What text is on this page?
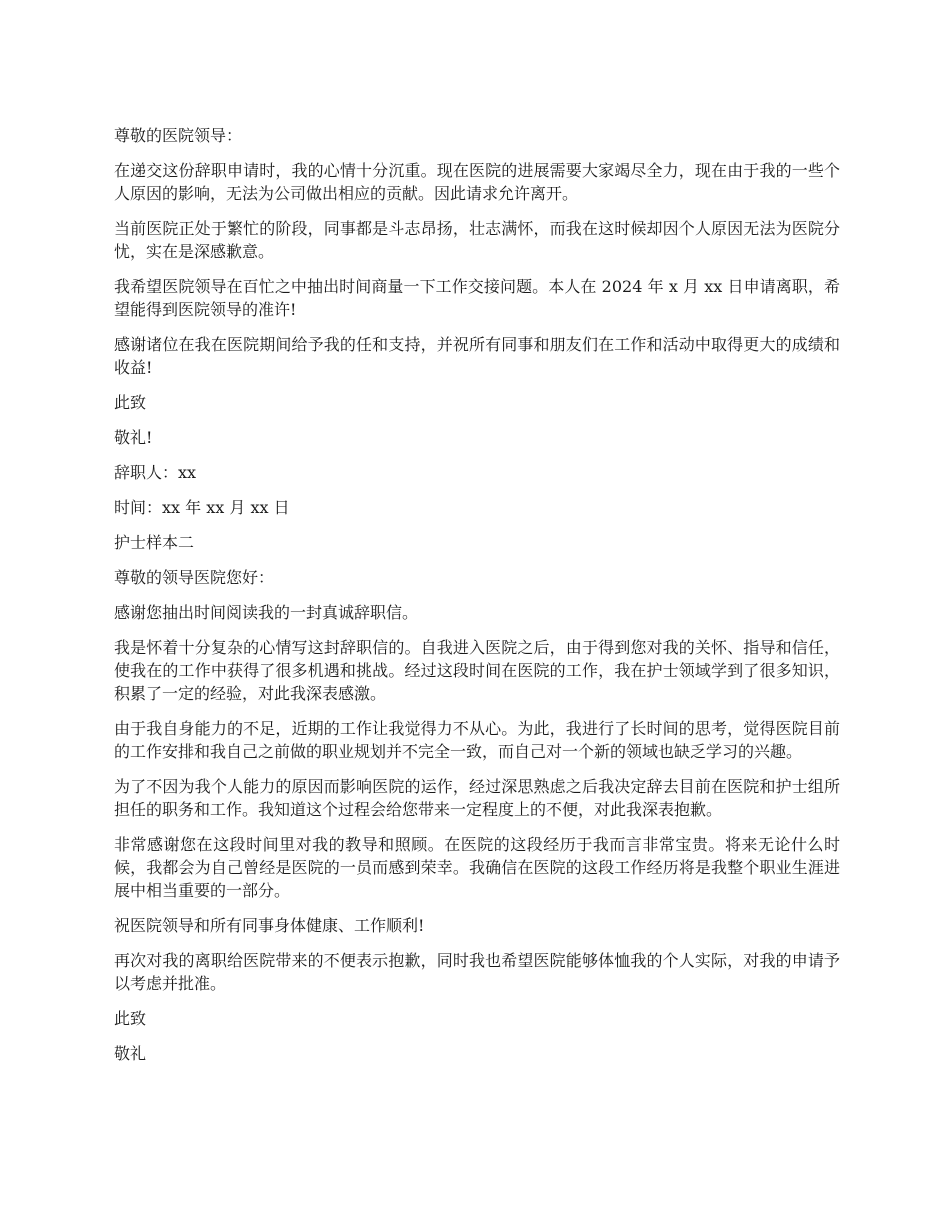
尊敬的医院领导：

在递交这份辞职申请时，我的心情十分沉重。现在医院的进展需要大家竭尽全力，现在由于我的一些个人原因的影响，无法为公司做出相应的贡献。因此请求允许离开。

当前医院正处于繁忙的阶段，同事都是斗志昂扬，壮志满怀，而我在这时候却因个人原因无法为医院分忧，实在是深感歉意。

我希望医院领导在百忙之中抽出时间商量一下工作交接问题。本人在 2024 年 x 月 xx 日申请离职，希望能得到医院领导的准许!

感谢诸位在我在医院期间给予我的任和支持，并祝所有同事和朋友们在工作和活动中取得更大的成绩和收益!

此致

敬礼!

辞职人：xx

时间：xx 年 xx 月 xx 日

护士样本二

尊敬的领导医院您好：

感谢您抽出时间阅读我的一封真诚辞职信。

我是怀着十分复杂的心情写这封辞职信的。自我进入医院之后，由于得到您对我的关怀、指导和信任，使我在的工作中获得了很多机遇和挑战。经过这段时间在医院的工作，我在护士领域学到了很多知识，积累了一定的经验，对此我深表感激。

由于我自身能力的不足，近期的工作让我觉得力不从心。为此，我进行了长时间的思考，觉得医院目前的工作安排和我自己之前做的职业规划并不完全一致，而自己对一个新的领域也缺乏学习的兴趣。

为了不因为我个人能力的原因而影响医院的运作，经过深思熟虑之后我决定辞去目前在医院和护士组所担任的职务和工作。我知道这个过程会给您带来一定程度上的不便，对此我深表抱歉。

非常感谢您在这段时间里对我的教导和照顾。在医院的这段经历于我而言非常宝贵。将来无论什么时候，我都会为自己曾经是医院的一员而感到荣幸。我确信在医院的这段工作经历将是我整个职业生涯进展中相当重要的一部分。

祝医院领导和所有同事身体健康、工作顺利!

再次对我的离职给医院带来的不便表示抱歉，同时我也希望医院能够体恤我的个人实际，对我的申请予以考虑并批准。

此致

敬礼
